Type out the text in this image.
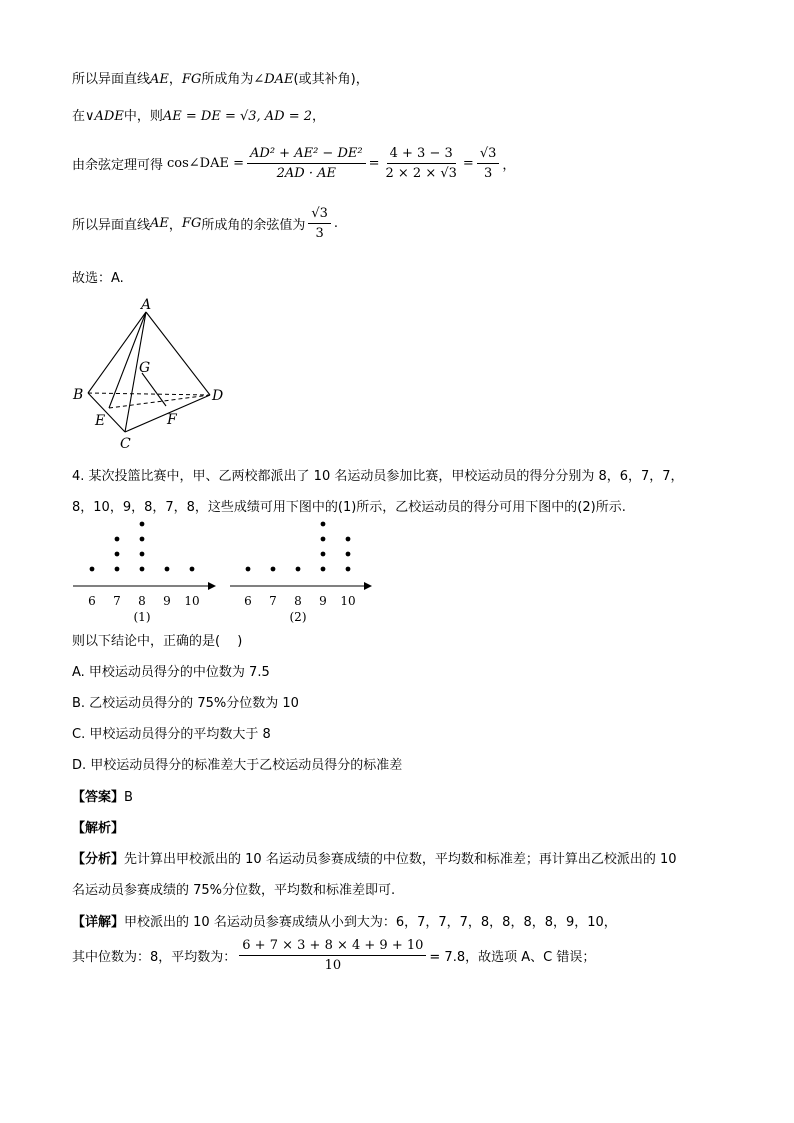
所以异面直线AE，FG所成角为∠DAE(或其补角)，
在∨ADE中，则AE = DE = √3, AD = 2，
由余弦定理可得 cos∠DAE = $\frac{\text{AD² + AE² − DE²}}{2AD \cdot AE} = \frac{4 + 3 - 3}{2 \times 2 \times √3} = \frac{√3}{3}$ ，
所以异面直线 AE ， FG 所成角的余弦值为 $\frac{√3}{3}$ .
故选：A.
A
B
C
D
E	F
G
4. 某次投篮比赛中，甲、乙两校都派出了 10 名运动员参加比赛，甲校运动员的得分分别为 8，6，7，7，
8，10，9，8，7，8，这些成绩可用下图中的(1)所示，乙校运动员的得分可用下图中的(2)所示.
6 7 8 9 10
(1)
6 7 8 9 10
(2)
则以下结论中，正确的是(　 )
A. 甲校运动员得分的中位数为 7.5
B. 乙校运动员得分的 75%分位数为 10
C. 甲校运动员得分的平均数大于 8
D. 甲校运动员得分的标准差大于乙校运动员得分的标准差
【答案】B
【解析】
【分析】先计算出甲校派出的 10 名运动员参赛成绩的中位数，平均数和标准差；再计算出乙校派出的 10
名运动员参赛成绩的 75%分位数，平均数和标准差即可.
【详解】甲校派出的 10 名运动员参赛成绩从小到大为：6，7，7，7，8，8，8，8，9，10，
其中位数为：8，平均数为： $\frac{6 + 7 \times 3 + 8 \times 4 + 9 + 10}{10} = 7.8$，故选项 A、C 错误；
